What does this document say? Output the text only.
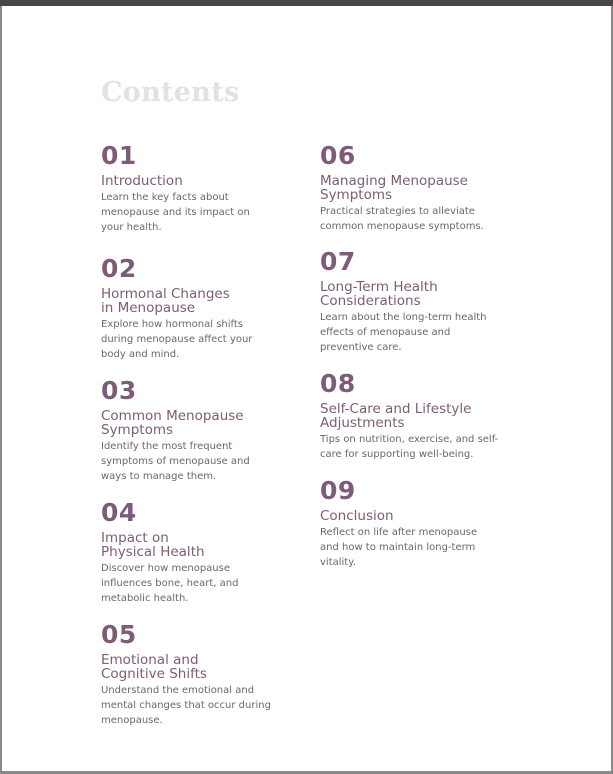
Contents
01
Introduction
Learn the key facts about
menopause and its impact on
your health.
02
Hormonal Changes
in Menopause
Explore how hormonal shifts
during menopause affect your
body and mind.
03
Common Menopause
Symptoms
Identify the most frequent
symptoms of menopause and
ways to manage them.
04
Impact on
Physical Health
Discover how menopause
influences bone, heart, and
metabolic health.
05
Emotional and
Cognitive Shifts
Understand the emotional and
mental changes that occur during
menopause.
06
Managing Menopause
Symptoms
Practical strategies to alleviate
common menopause symptoms.
07
Long-Term Health
Considerations
Learn about the long-term health
effects of menopause and
preventive care.
08
Self-Care and Lifestyle
Adjustments
Tips on nutrition, exercise, and self-
care for supporting well-being.
09
Conclusion
Reflect on life after menopause
and how to maintain long-term
vitality.
